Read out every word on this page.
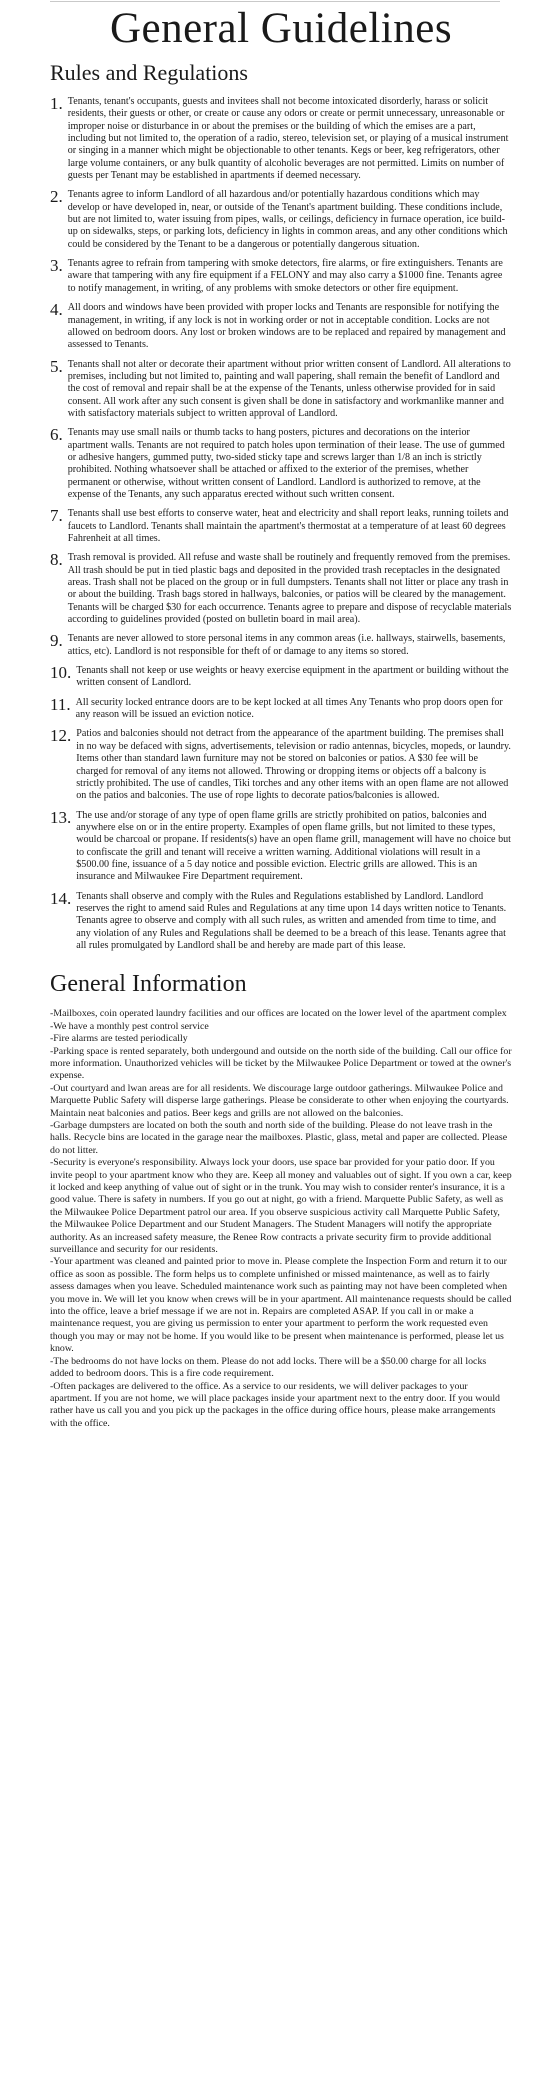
General Guidelines
Rules and Regulations
1. Tenants, tenant's occupants, guests and invitees shall not become intoxicated disorderly, harass or solicit residents, their guests or other, or create or cause any odors or create or permit unnecessary, unreasonable or improper noise or disturbance in or about the premises or the building of which the emises are a part, including but not limited to, the operation of a radio, stereo, television set, or playing of a musical instrument or singing in a manner which might be objectionable to other tenants. Kegs or beer, keg refrigerators, other large volume containers, or any bulk quantity of alcoholic beverages are not permitted. Limits on number of guests per Tenant may be established in apartments if deemed necessary.
2. Tenants agree to inform Landlord of all hazardous and/or potentially hazardous conditions which may develop or have developed in, near, or outside of the Tenant's apartment building. These conditions include, but are not limited to, water issuing from pipes, walls, or ceilings, deficiency in furnace operation, ice build-up on sidewalks, steps, or parking lots, deficiency in lights in common areas, and any other conditions which could be considered by the Tenant to be a dangerous or potentially dangerous situation.
3. Tenants agree to refrain from tampering with smoke detectors, fire alarms, or fire extinguishers. Tenants are aware that tampering with any fire equipment if a FELONY and may also carry a $1000 fine. Tenants agree to notify management, in writing, of any problems with smoke detectors or other fire equipment.
4. All doors and windows have been provided with proper locks and Tenants are responsible for notifying the management, in writing, if any lock is not in working order or not in acceptable condition. Locks are not allowed on bedroom doors. Any lost or broken windows are to be replaced and repaired by management and assessed to Tenants.
5. Tenants shall not alter or decorate their apartment without prior written consent of Landlord. All alterations to premises, including but not limited to, painting and wall papering, shall remain the benefit of Landlord and the cost of removal and repair shall be at the expense of the Tenants, unless otherwise provided for in said consent. All work after any such consent is given shall be done in satisfactory and workmanlike manner and with satisfactory materials subject to written approval of Landlord.
6. Tenants may use small nails or thumb tacks to hang posters, pictures and decorations on the interior apartment walls. Tenants are not required to patch holes upon termination of their lease. The use of gummed or adhesive hangers, gummed putty, two-sided sticky tape and screws larger than 1/8 an inch is strictly prohibited. Nothing whatsoever shall be attached or affixed to the exterior of the premises, whether permanent or otherwise, without written consent of Landlord. Landlord is authorized to remove, at the expense of the Tenants, any such apparatus erected without such written consent.
7. Tenants shall use best efforts to conserve water, heat and electricity and shall report leaks, running toilets and faucets to Landlord. Tenants shall maintain the apartment's thermostat at a temperature of at least 60 degrees Fahrenheit at all times.
8. Trash removal is provided. All refuse and waste shall be routinely and frequently removed from the premises. All trash should be put in tied plastic bags and deposited in the provided trash receptacles in the designated areas. Trash shall not be placed on the group or in full dumpsters. Tenants shall not litter or place any trash in or about the building. Trash bags stored in hallways, balconies, or patios will be cleared by the management. Tenants will be charged $30 for each occurrence. Tenants agree to prepare and dispose of recyclable materials according to guidelines provided (posted on bulletin board in mail area).
9. Tenants are never allowed to store personal items in any common areas (i.e. hallways, stairwells, basements, attics, etc). Landlord is not responsible for theft of or damage to any items so stored.
10. Tenants shall not keep or use weights or heavy exercise equipment in the apartment or building without the written consent of Landlord.
11. All security locked entrance doors are to be kept locked at all times Any Tenants who prop doors open for any reason will be issued an eviction notice.
12. Patios and balconies should not detract from the appearance of the apartment building. The premises shall in no way be defaced with signs, advertisements, television or radio antennas, bicycles, mopeds, or laundry. Items other than standard lawn furniture may not be stored on balconies or patios. A $30 fee will be charged for removal of any items not allowed. Throwing or dropping items or objects off a balcony is strictly prohibited. The use of candles, Tiki torches and any other items with an open flame are not allowed on the patios and balconies. The use of rope lights to decorate patios/balconies is allowed.
13. The use and/or storage of any type of open flame grills are strictly prohibited on patios, balconies and anywhere else on or in the entire property. Examples of open flame grills, but not limited to these types, would be charcoal or propane. If residents(s) have an open flame grill, management will have no choice but to confiscate the grill and tenant will receive a written warning. Additional violations will result in a $500.00 fine, issuance of a 5 day notice and possible eviction. Electric grills are allowed. This is an insurance and Milwaukee Fire Department requirement.
14. Tenants shall observe and comply with the Rules and Regulations established by Landlord. Landlord reserves the right to amend said Rules and Regulations at any time upon 14 days written notice to Tenants. Tenants agree to observe and comply with all such rules, as written and amended from time to time, and any violation of any Rules and Regulations shall be deemed to be a breach of this lease. Tenants agree that all rules promulgated by Landlord shall be and hereby are made part of this lease.
General Information
-Mailboxes, coin operated laundry facilities and our offices are located on the lower level of the apartment complex
-We have a monthly pest control service
-Fire alarms are tested periodically
-Parking space is rented separately, both undergound and outside on the north side of the building. Call our office for more information. Unauthorized vehicles will be ticket by the Milwaukee Police Department or towed at the owner's expense.
-Out courtyard and lwan areas are for all residents. We discourage large outdoor gatherings. Milwaukee Police and Marquette Public Safety will disperse large gatherings. Please be considerate to other when enjoying the courtyards. Maintain neat balconies and patios. Beer kegs and grills are not allowed on the balconies.
-Garbage dumpsters are located on both the south and north side of the building. Please do not leave trash in the halls. Recycle bins are located in the garage near the mailboxes. Plastic, glass, metal and paper are collected. Please do not litter.
-Security is everyone's responsibility. Always lock your doors, use space bar provided for your patio door. If you invite peopl to your apartment know who they are. Keep all money and valuables out of sight. If you own a car, keep it locked and keep anything of value out of sight or in the trunk. You may wish to consider renter's insurance, it is a good value. There is safety in numbers. If you go out at night, go with a friend. Marquette Public Safety, as well as the Milwaukee Police Department patrol our area. If you observe suspicious activity call Marquette Public Safety, the Milwaukee Police Department and our Student Managers. The Student Managers will notify the appropriate authority. As an increased safety measure, the Renee Row contracts a private security firm to provide additional surveillance and security for our residents.
-Your apartment was cleaned and painted prior to move in. Please complete the Inspection Form and return it to our office as soon as possible. The form helps us to complete unfinished or missed maintenance, as well as to fairly assess damages when you leave. Scheduled maintenance work such as painting may not have been completed when you move in. We will let you know when crews will be in your apartment. All maintenance requests should be called into the office, leave a brief message if we are not in. Repairs are completed ASAP. If you call in or make a maintenance request, you are giving us permission to enter your apartment to perform the work requested even though you may or may not be home. If you would like to be present when maintenance is performed, please let us know.
-The bedrooms do not have locks on them. Please do not add locks. There will be a $50.00 charge for all locks added to bedroom doors. This is a fire code requirement.
-Often packages are delivered to the office. As a service to our residents, we will deliver packages to your apartment. If you are not home, we will place packages inside your apartment next to the entry door. If you would rather have us call you and you pick up the packages in the office during office hours, please make arrangements with the office.
